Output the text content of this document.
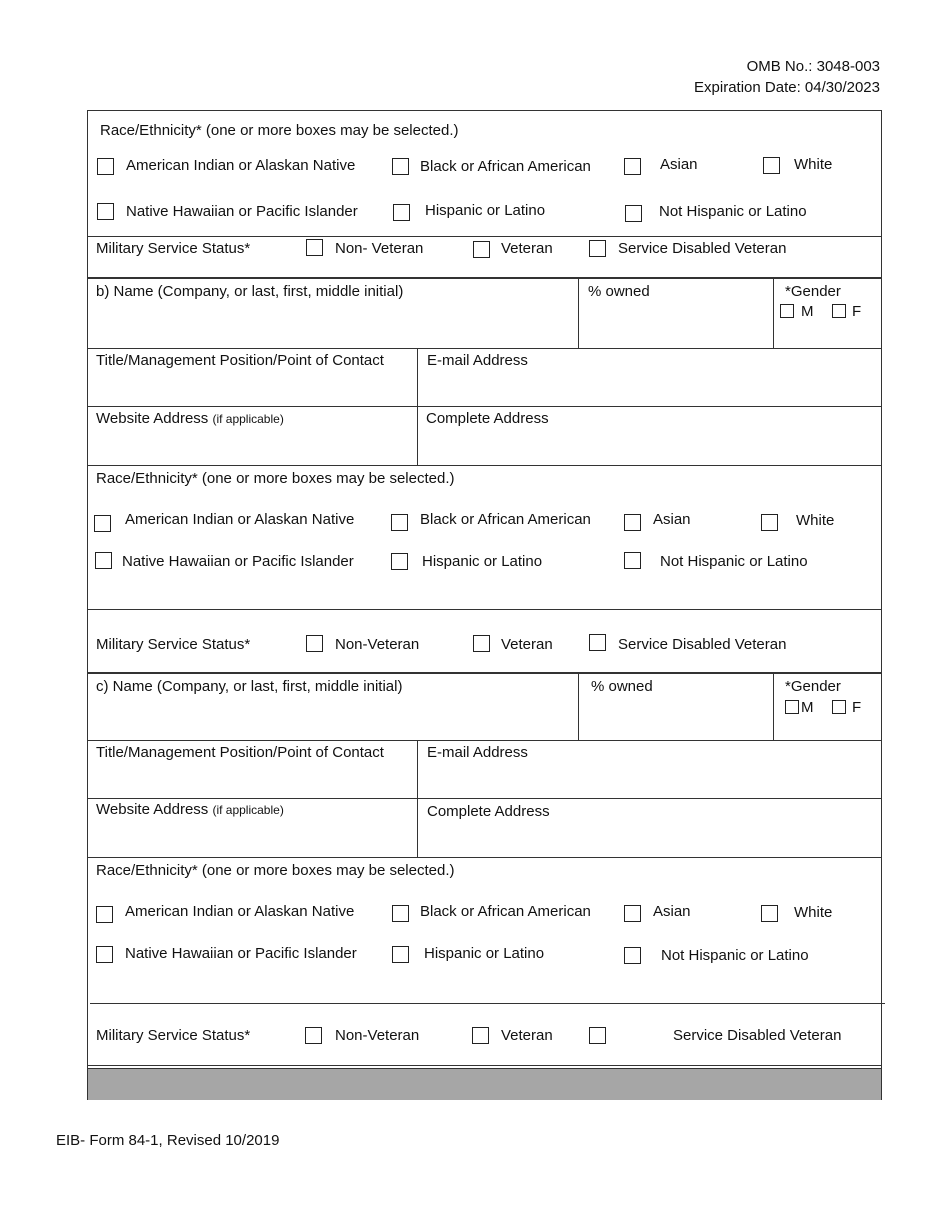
OMB No.: 3048-003
Expiration Date: 04/30/2023
Race/Ethnicity* (one or more boxes may be selected.)
American Indian or Alaskan Native	Black or African American	Asian	White
Native Hawaiian or Pacific Islander	Hispanic or Latino	Not Hispanic or Latino
Military Service Status*	Non- Veteran	Veteran	Service Disabled Veteran
b) Name (Company, or last, first, middle initial)	% owned	*Gender
M	F
Title/Management Position/Point of Contact	E-mail Address
Website Address (if applicable)	Complete Address
Race/Ethnicity* (one or more boxes may be selected.)
American Indian or Alaskan Native	Black or African American	Asian	White
Native Hawaiian or Pacific Islander	Hispanic or Latino	Not Hispanic or Latino
Military Service Status*	Non-Veteran	Veteran	Service Disabled Veteran
c) Name (Company, or last, first, middle initial)	% owned	*Gender
M	F
Title/Management Position/Point of Contact	E-mail Address
Website Address (if applicable)	Complete Address
Race/Ethnicity* (one or more boxes may be selected.)
American Indian or Alaskan Native	Black or African American	Asian	White
Native Hawaiian or Pacific Islander	Hispanic or Latino	Not Hispanic or Latino
Military Service Status*	Non-Veteran	Veteran	Service Disabled Veteran
EIB- Form 84-1, Revised 10/2019
